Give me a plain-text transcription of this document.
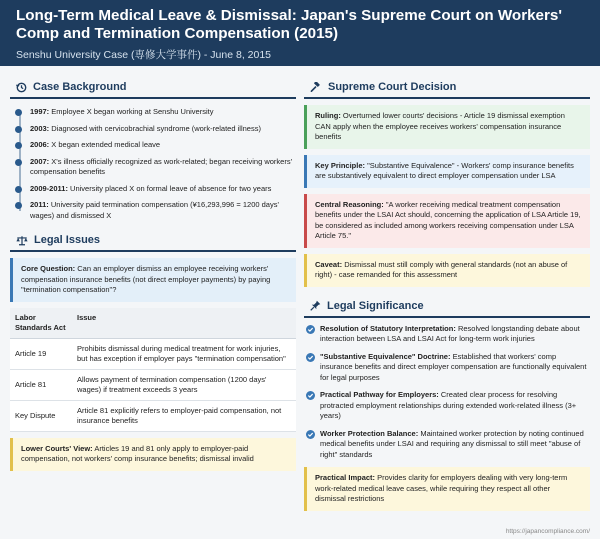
Long-Term Medical Leave & Dismissal: Japan's Supreme Court on Workers' Comp and Termination Compensation (2015)
Senshu University Case (専修大学事件) - June 8, 2015
Case Background
1997: Employee X began working at Senshu University
2003: Diagnosed with cervicobrachial syndrome (work-related illness)
2006: X began extended medical leave
2007: X's illness officially recognized as work-related; began receiving workers' compensation benefits
2009-2011: University placed X on formal leave of absence for two years
2011: University paid termination compensation (¥16,293,996 = 1200 days' wages) and dismissed X
Legal Issues
Core Question: Can an employer dismiss an employee receiving workers' compensation insurance benefits (not direct employer payments) by paying "termination compensation"?
Labor Standards Act	Issue
Article 19	Prohibits dismissal during medical treatment for work injuries, but has exception if employer pays "termination compensation"
Article 81	Allows payment of termination compensation (1200 days' wages) if treatment exceeds 3 years
Key Dispute	Article 81 explicitly refers to employer-paid compensation, not insurance benefits
Lower Courts' View: Articles 19 and 81 only apply to employer-paid compensation, not workers' comp insurance benefits; dismissal invalid
Supreme Court Decision
Ruling: Overturned lower courts' decisions - Article 19 dismissal exemption CAN apply when the employee receives workers' compensation insurance benefits
Key Principle: "Substantive Equivalence" - Workers' comp insurance benefits are substantively equivalent to direct employer compensation under LSA
Central Reasoning: "A worker receiving medical treatment compensation benefits under the LSAI Act should, concerning the application of LSA Article 19, be considered as included among workers receiving compensation under LSA Article 75."
Caveat: Dismissal must still comply with general standards (not an abuse of right) - case remanded for this assessment
Legal Significance
Resolution of Statutory Interpretation: Resolved longstanding debate about interaction between LSA and LSAI Act for long-term work injuries
"Substantive Equivalence" Doctrine: Established that workers' comp insurance benefits and direct employer compensation are functionally equivalent for legal purposes
Practical Pathway for Employers: Created clear process for resolving protracted employment relationships during extended work-related illness (3+ years)
Worker Protection Balance: Maintained worker protection by noting continued medical benefits under LSAI and requiring any dismissal to still meet "abuse of right" standards
Practical Impact: Provides clarity for employers dealing with very long-term work-related medical leave cases, while requiring they respect all other dismissal restrictions
https://japancompliance.com/
